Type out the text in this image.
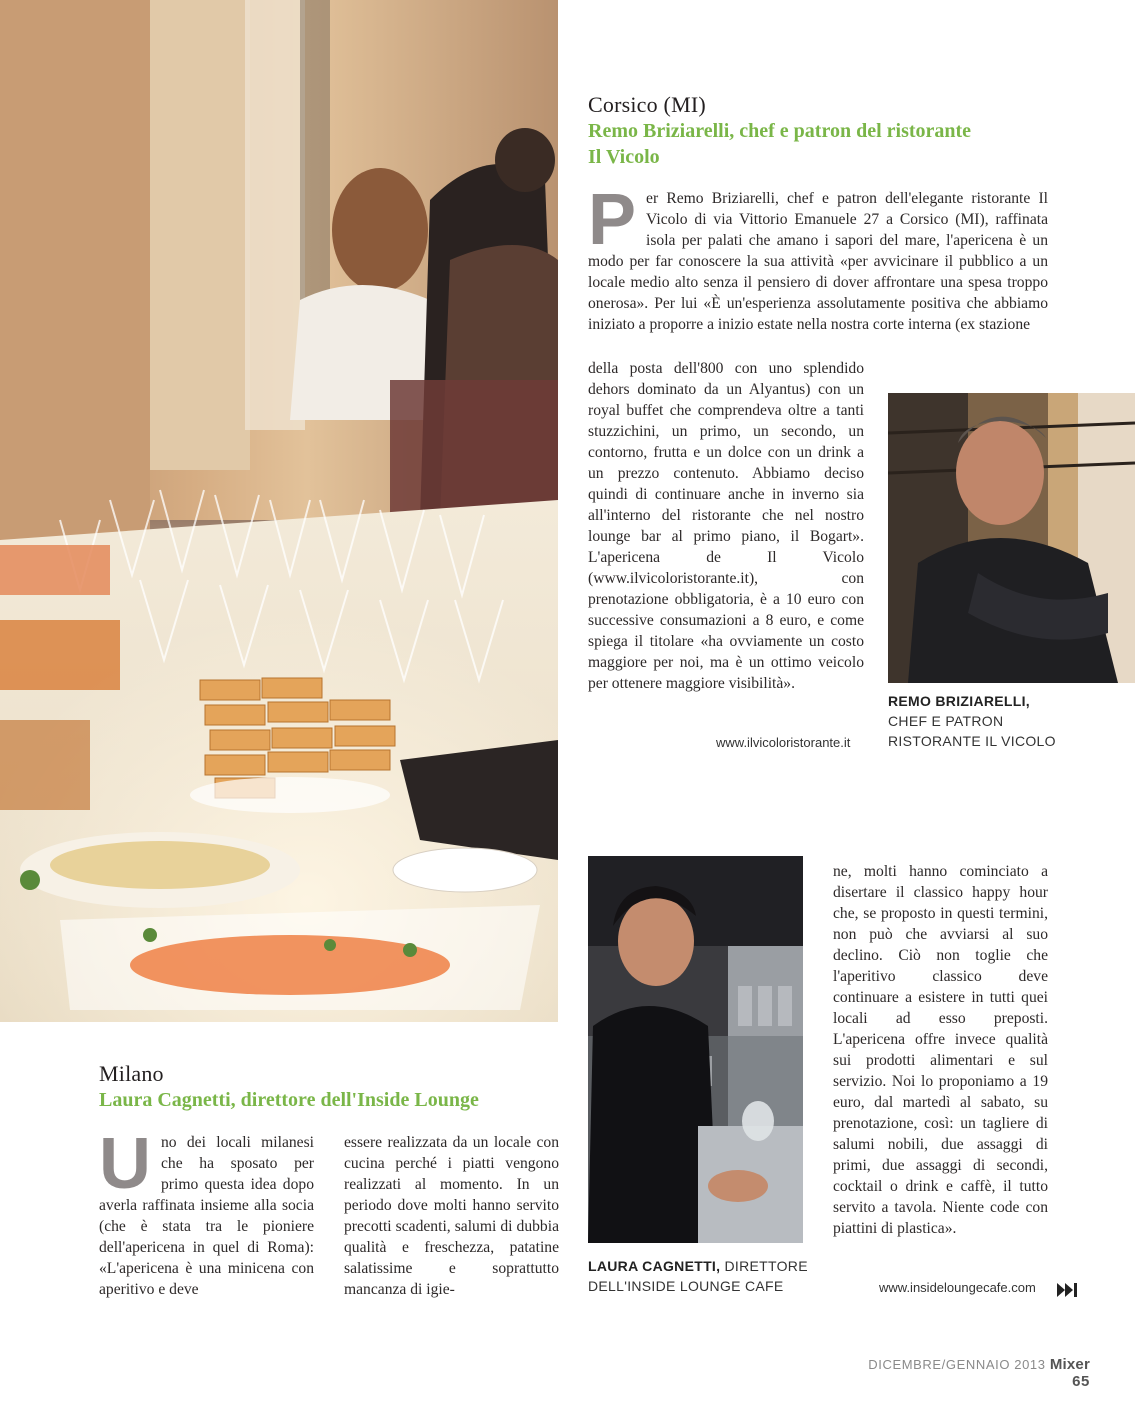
Corsico (MI)
Remo Briziarelli, chef e patron del ristorante
Il Vicolo
P er Remo Briziarelli, chef e patron dell'elegante ristorante Il Vicolo di via Vittorio Emanuele 27 a Corsico (MI), raffinata isola per palati che amano i sapori del mare, l'apericena è un modo per far conoscere la sua attività «per avvicinare il pubblico a un locale medio alto senza il pensiero di dover affrontare una spesa troppo onerosa». Per lui «È un'esperienza assolutamente positiva che abbiamo iniziato a proporre a inizio estate nella nostra corte interna (ex stazione
della posta dell'800 con uno splendido dehors dominato da un Alyantus) con un royal buffet che comprendeva oltre a tanti stuzzichini, un primo, un secondo, un contorno, frutta e un dolce con un drink a un prezzo contenuto. Abbiamo deciso quindi di continuare anche in inverno sia all'interno del ristorante che nel nostro lounge bar al primo piano, il Bogart». L'apericena de Il Vicolo (www.ilvicoloristorante.it), con prenotazione obbligatoria, è a 10 euro con successive consumazioni a 8 euro, e come spiega il titolare «ha ovviamente un costo maggiore per noi, ma è un ottimo veicolo per ottenere maggiore visibilità».
www.ilvicoloristorante.it
REMO BRIZIARELLI,
CHEF E PATRON
RISTORANTE IL VICOLO
Milano
Laura Cagnetti, direttore dell'Inside Lounge
U no dei locali milanesi che ha sposato per primo questa idea dopo averla raffinata insieme alla socia (che è stata tra le pioniere dell'apericena in quel di Roma): «L'apericena è una minicena con aperitivo e deve
essere realizzata da un locale con cucina perché i piatti vengono realizzati al momento. In un periodo dove molti hanno servito precotti scadenti, salumi di dubbia qualità e freschezza, patatine salatissime e soprattutto mancanza di igie-
LAURA CAGNETTI, DIRETTORE
DELL'INSIDE LOUNGE CAFE
ne, molti hanno cominciato a disertare il classico happy hour che, se proposto in questi termini, non può che avviarsi al suo declino. Ciò non toglie che l'aperitivo classico deve continuare a esistere in tutti quei locali ad esso preposti. L'apericena offre invece qualità sui prodotti alimentari e sul servizio. Noi lo proponiamo a 19 euro, dal martedì al sabato, su prenotazione, così: un tagliere di salumi nobili, due assaggi di primi, due assaggi di secondi, cocktail o drink e caffè, il tutto servito a tavola. Niente code con piattini di plastica».
www.insideloungecafe.com
DICEMBRE/GENNAIO 2013 Mixer 65
